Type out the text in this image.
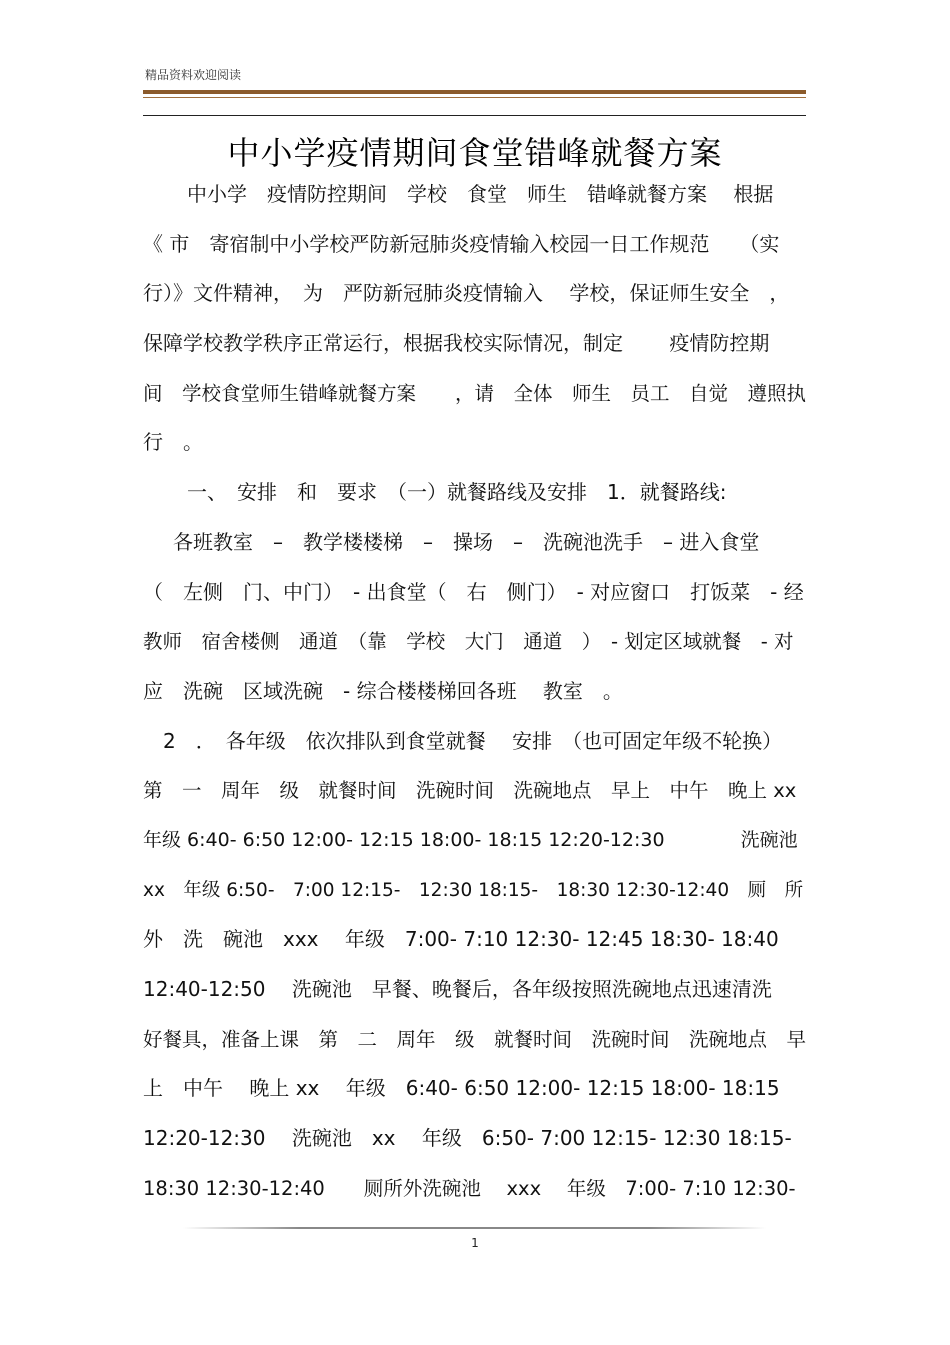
精品资料欢迎阅读
中小学疫情期间食堂错峰就餐方案
中小学　疫情防控期间　学校　食堂　师生　错峰就餐方案　 根据
《 市　寄宿制中小学校严防新冠肺炎疫情输入校园一日工作规范　　（实
行）》文件精神，　为　严防新冠肺炎疫情输入　 学校，保证师生安全　，
保障学校教学秩序正常运行，根据我校实际情况，制定　　 疫情防控期
间　学校食堂师生错峰就餐方案　　，请　全体　师生　员工　自觉　遵照执
行　。
一、　安排　和　要求　（一）就餐路线及安排　1．就餐路线:
各班教室　–　教学楼楼梯　–　操场　–　洗碗池洗手　– 进入食堂
（　左侧　门、中门）　- 出食堂（　右　侧门）　- 对应窗口　打饭菜　- 经
教师　宿舍楼侧　通道　（靠　学校　大门　通道　）　- 划定区域就餐　- 对
应　洗碗　区域洗碗　- 综合楼楼梯回各班　 教室　。
2　．　各年级　依次排队到食堂就餐　 安排　（也可固定年级不轮换）
第　一　周年　级　就餐时间　洗碗时间　洗碗地点　早上　中午　晚上 xx
年级 6:40- 6:50 12:00- 12:15 18:00- 18:15 12:20-12:30　　　　洗碗池
xx　年级 6:50-　7:00 12:15-　12:30 18:15-　18:30 12:30-12:40　厕　所
外　洗　碗池　xxx　 年级　7:00- 7:10 12:30- 12:45 18:30- 18:40
12:40-12:50　 洗碗池　早餐、晚餐后，各年级按照洗碗地点迅速清洗
好餐具，准备上课　第　二　周年　级　就餐时间　洗碗时间　洗碗地点　早
上　中午　 晚上 xx　 年级　6:40- 6:50 12:00- 12:15 18:00- 18:15
12:20-12:30　 洗碗池　xx　 年级　6:50- 7:00 12:15- 12:30 18:15-
18:30 12:30-12:40　　厕所外洗碗池　 xxx　 年级　7:00- 7:10 12:30-
1
